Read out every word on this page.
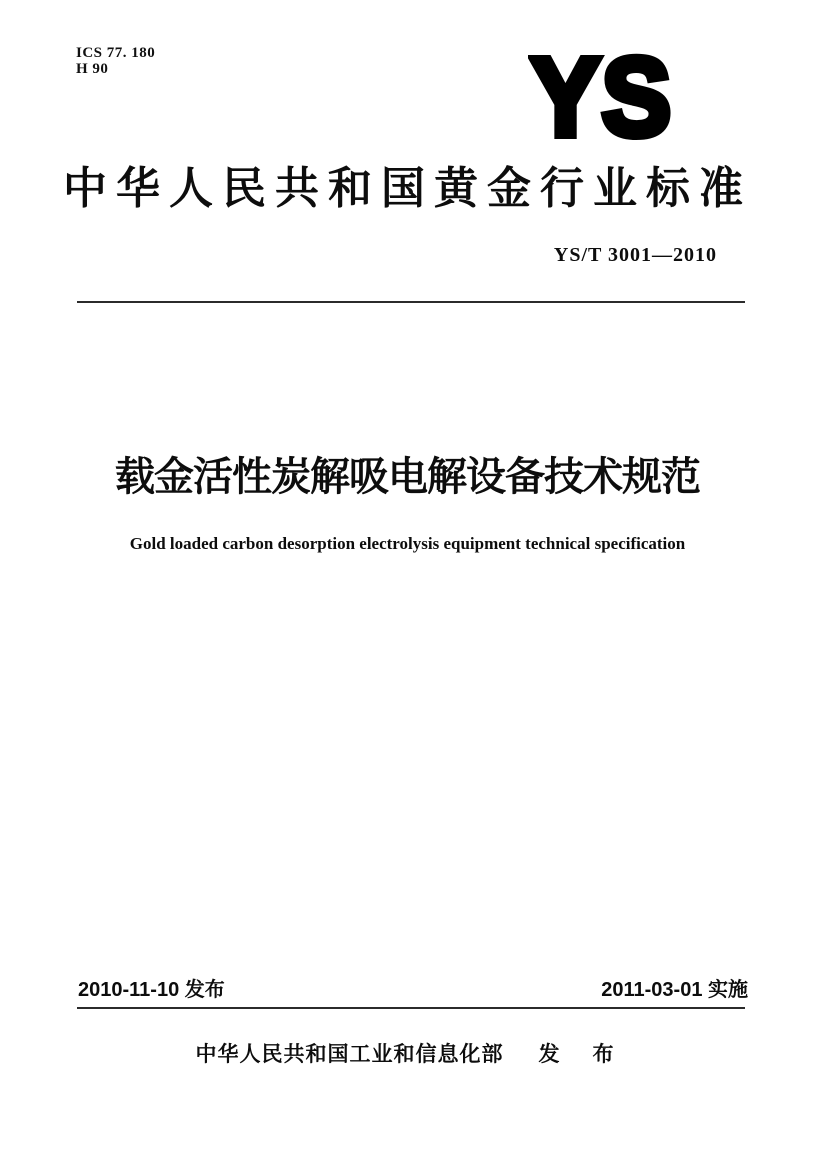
ICS 77. 180
H 90	YS
中华人民共和国黄金行业标准
YS/T 3001—2010
载金活性炭解吸电解设备技术规范
Gold loaded carbon desorption electrolysis equipment technical specification
2010-11-10 发布	2011-03-01 实施
中华人民共和国工业和信息化部 发　布
